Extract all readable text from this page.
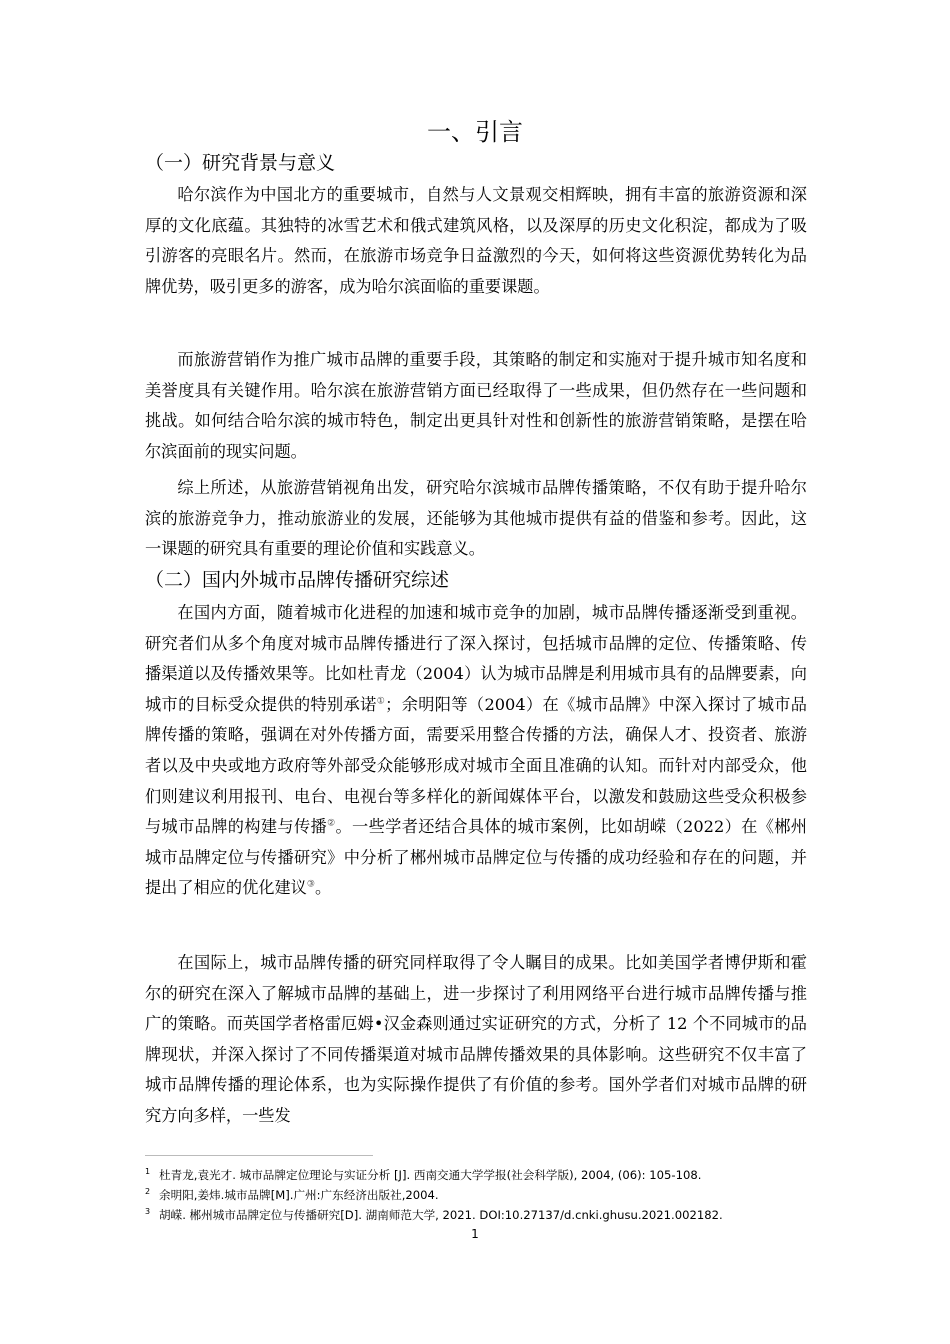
一、引言
（一）研究背景与意义

哈尔滨作为中国北方的重要城市，自然与人文景观交相辉映，拥有丰富的旅游资源和深厚的文化底蕴。其独特的冰雪艺术和俄式建筑风格，以及深厚的历史文化积淀，都成为了吸引游客的亮眼名片。然而，在旅游市场竞争日益激烈的今天，如何将这些资源优势转化为品牌优势，吸引更多的游客，成为哈尔滨面临的重要课题。

而旅游营销作为推广城市品牌的重要手段，其策略的制定和实施对于提升城市知名度和美誉度具有关键作用。哈尔滨在旅游营销方面已经取得了一些成果，但仍然存在一些问题和挑战。如何结合哈尔滨的城市特色，制定出更具针对性和创新性的旅游营销策略，是摆在哈尔滨面前的现实问题。

综上所述，从旅游营销视角出发，研究哈尔滨城市品牌传播策略，不仅有助于提升哈尔滨的旅游竞争力，推动旅游业的发展，还能够为其他城市提供有益的借鉴和参考。因此，这一课题的研究具有重要的理论价值和实践意义。

（二）国内外城市品牌传播研究综述

在国内方面，随着城市化进程的加速和城市竞争的加剧，城市品牌传播逐渐受到重视。研究者们从多个角度对城市品牌传播进行了深入探讨，包括城市品牌的定位、传播策略、传播渠道以及传播效果等。比如杜青龙（2004）认为城市品牌是利用城市具有的品牌要素，向城市的目标受众提供的特别承诺①；余明阳等（2004）在《城市品牌》中深入探讨了城市品牌传播的策略，强调在对外传播方面，需要采用整合传播的方法，确保人才、投资者、旅游者以及中央或地方政府等外部受众能够形成对城市全面且准确的认知。而针对内部受众，他们则建议利用报刊、电台、电视台等多样化的新闻媒体平台，以激发和鼓励这些受众积极参与城市品牌的构建与传播②。一些学者还结合具体的城市案例，比如胡嵘（2022）在《郴州城市品牌定位与传播研究》中分析了郴州城市品牌定位与传播的成功经验和存在的问题，并提出了相应的优化建议③。

在国际上，城市品牌传播的研究同样取得了令人瞩目的成果。比如美国学者博伊斯和霍尔的研究在深入了解城市品牌的基础上，进一步探讨了利用网络平台进行城市品牌传播与推广的策略。而英国学者格雷厄姆•汉金森则通过实证研究的方式，分析了 12 个不同城市的品牌现状，并深入探讨了不同传播渠道对城市品牌传播效果的具体影响。这些研究不仅丰富了城市品牌传播的理论体系，也为实际操作提供了有价值的参考。国外学者们对城市品牌的研究方向多样，一些发

1 杜青龙,袁光才. 城市品牌定位理论与实证分析 [J]. 西南交通大学学报(社会科学版), 2004, (06): 105-108.
2 余明阳,姜炜.城市品牌[M].广州:广东经济出版社,2004.
3 胡嵘. 郴州城市品牌定位与传播研究[D]. 湖南师范大学, 2021. DOI:10.27137/d.cnki.ghusu.2021.002182.
1
